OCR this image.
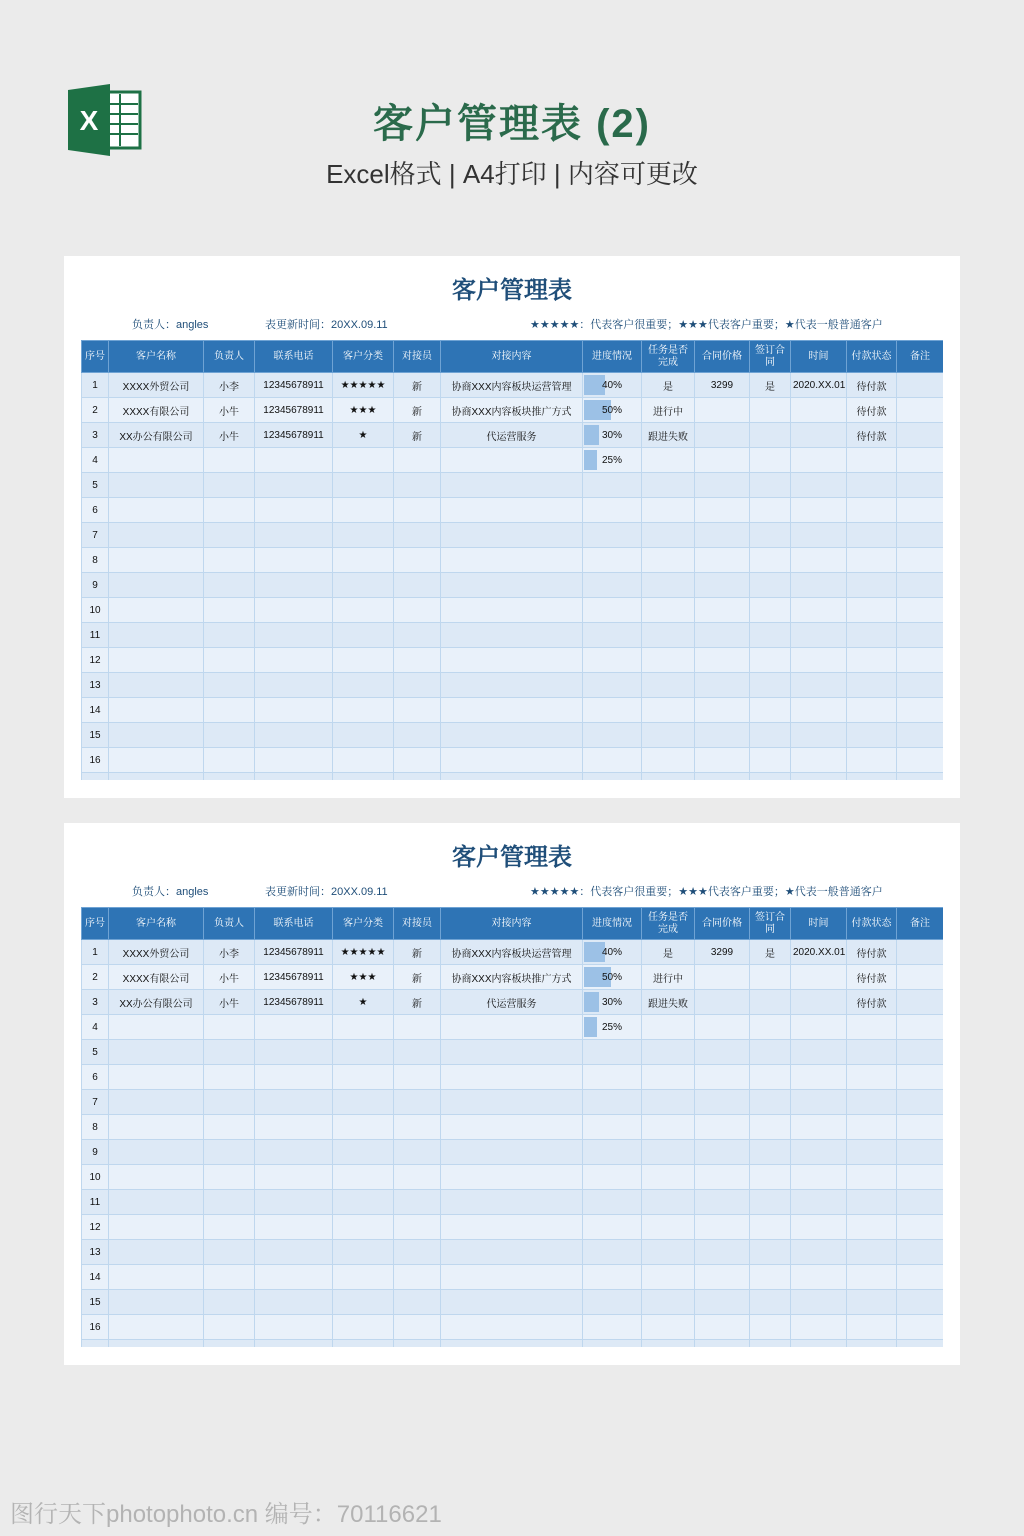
X	客户管理表 (2)
Excel格式 | A4打印 | 内容可更改
客户管理表
负责人：angles	表更新时间：20XX.09.11	★★★★★：代表客户很重要；★★★代表客户重要；★代表一般普通客户
序号	客户名称	负责人	联系电话	客户分类	对接员	对接内容	进度情况	任务是否完成	合同价格	签订合同	时间	付款状态	备注
1	XXXX外贸公司	小李	12345678911	★★★★★	新	协商XXX内容板块运营管理	40%	是	3299	是	2020.XX.01	待付款	
2	XXXX有限公司	小牛	12345678911	★★★	新	协商XXX内容板块推广方式	50%	进行中				待付款	
3	XX办公有限公司	小牛	12345678911	★	新	代运营服务	30%	跟进失败				待付款	
4							25%						
5													
6													
7													
8													
9													
10													
11													
12													
13													
14													
15													
16													

客户管理表
负责人：angles	表更新时间：20XX.09.11	★★★★★：代表客户很重要；★★★代表客户重要；★代表一般普通客户
序号	客户名称	负责人	联系电话	客户分类	对接员	对接内容	进度情况	任务是否完成	合同价格	签订合同	时间	付款状态	备注
1	XXXX外贸公司	小李	12345678911	★★★★★	新	协商XXX内容板块运营管理	40%	是	3299	是	2020.XX.01	待付款	
2	XXXX有限公司	小牛	12345678911	★★★	新	协商XXX内容板块推广方式	50%	进行中				待付款	
3	XX办公有限公司	小牛	12345678911	★	新	代运营服务	30%	跟进失败				待付款	
4							25%						
5													
6													
7													
8													
9													
10													
11													
12													
13													
14													
15													
16													

图行天下photophoto.cn 编号：70116621
